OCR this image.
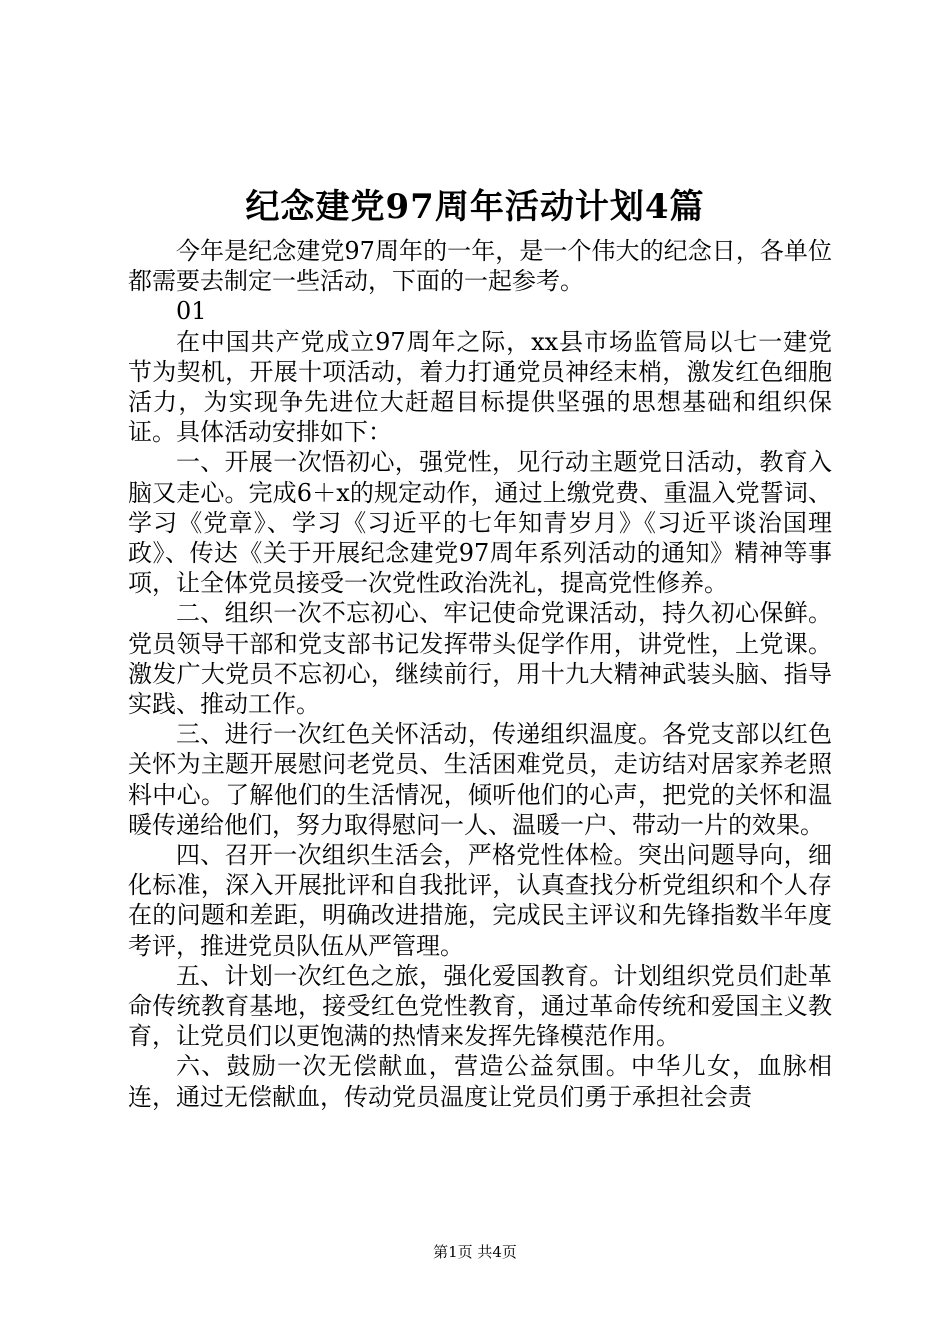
纪念建党97周年活动计划4篇

今年是纪念建党97周年的一年，是一个伟大的纪念日，各单位都需要去制定一些活动，下面的一起参考。

01

在中国共产党成立97周年之际，xx县市场监管局以七一建党节为契机，开展十项活动，着力打通党员神经末梢，激发红色细胞活力，为实现争先进位大赶超目标提供坚强的思想基础和组织保证。具体活动安排如下：

一、开展一次悟初心，强党性，见行动主题党日活动，教育入脑又走心。完成6＋x的规定动作，通过上缴党费、重温入党誓词、学习《党章》、学习《习近平的七年知青岁月》《习近平谈治国理政》、传达《关于开展纪念建党97周年系列活动的通知》精神等事项，让全体党员接受一次党性政治洗礼，提高党性修养。

二、组织一次不忘初心、牢记使命党课活动，持久初心保鲜。党员领导干部和党支部书记发挥带头促学作用，讲党性，上党课。激发广大党员不忘初心，继续前行，用十九大精神武装头脑、指导实践、推动工作。

三、进行一次红色关怀活动，传递组织温度。各党支部以红色关怀为主题开展慰问老党员、生活困难党员，走访结对居家养老照料中心。了解他们的生活情况，倾听他们的心声，把党的关怀和温暖传递给他们，努力取得慰问一人、温暖一户、带动一片的效果。

四、召开一次组织生活会，严格党性体检。突出问题导向，细化标准，深入开展批评和自我批评，认真查找分析党组织和个人存在的问题和差距，明确改进措施，完成民主评议和先锋指数半年度考评，推进党员队伍从严管理。

五、计划一次红色之旅，强化爱国教育。计划组织党员们赴革命传统教育基地，接受红色党性教育，通过革命传统和爱国主义教育，让党员们以更饱满的热情来发挥先锋模范作用。

六、鼓励一次无偿献血，营造公益氛围。中华儿女，血脉相连，通过无偿献血，传动党员温度让党员们勇于承担社会责

第1页 共4页
